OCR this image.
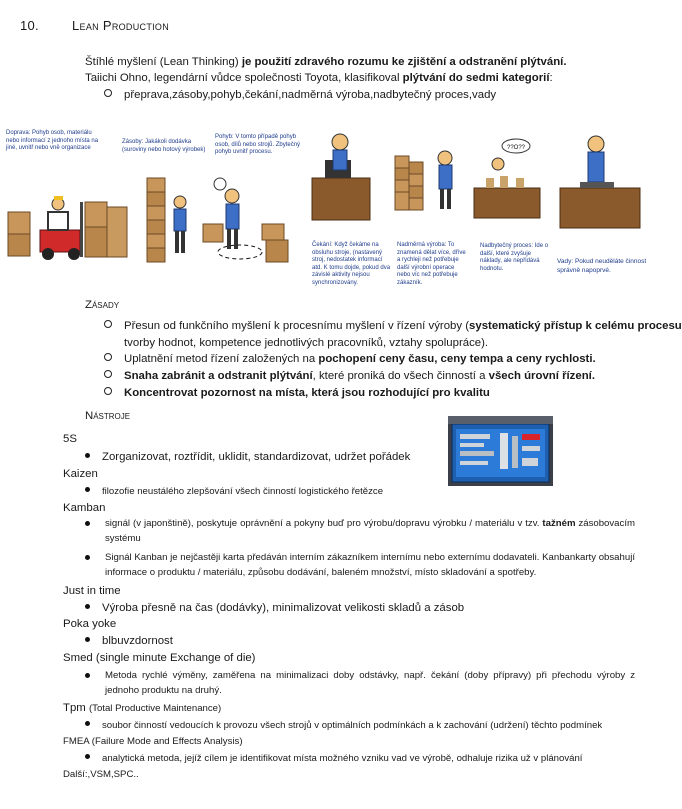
10.	Lean Production
Štíhlé myšlení (Lean Thinking) je použití zdravého rozumu ke zjištění a odstranění plýtvání.
Taiichi Ohno, legendární vůdce společnosti Toyota, klasifikoval plýtvání do sedmi kategorií:
přeprava,zásoby,pohyb,čekání,nadměrná výroba,nadbytečný proces,vady
??O??
Doprava: Pohyb osob, materiálu nebo informací z jednoho místa na jiné, uvnitř nebo vně organizace
Zásoby: Jakákoli dodávka (suroviny nebo hotový výrobek)
Pohyb: V tomto případě pohyb osob, dílů nebo strojů. Zbytečný pohyb uvnitř procesu.
Čekání: Když čekáme na obsluhu stroje, (nastavený stroj, nedostatek informací atd. K tomu dojde, pokud dva závislé aktivity nejsou synchronizovány.
Nadměrná výroba: To znamená dělat více, dříve a rychleji než potřebuje další výrobní operace nebo víc než potřebuje zákazník.
Nadbytečný proces: Ide o další, které zvyšuje náklady, ale nepřidává hodnotu.
Vady: Pokud neuděláte činnost správně napoprvé.
Zásady
Přesun od funkčního myšlení k procesnímu myšlení v řízení výroby (systematický přístup k celému procesu
tvorby hodnot, kompetence jednotlivých pracovníků, vztahy spolupráce).
Uplatnění metod řízení založených na pochopení ceny času, ceny tempa a ceny rychlosti.
Snaha zabránit a odstranit plýtvání, které proniká do všech činností a všech úrovní řízení.
Koncentrovat pozornost na místa, která jsou rozhodující pro kvalitu
Nástroje
5S
Zorganizovat, roztřídit, uklidit, standardizovat, udržet pořádek
Kaizen
filozofie neustálého zlepšování všech činností logistického řetězce
Kamban
signál (v japonštině), poskytuje oprávnění a pokyny buď pro výrobu/dopravu výrobku / materiálu v tzv. tažném zásobovacím systému
Signál Kanban je nejčastěji karta předáván interním zákazníkem internímu nebo externímu dodavateli. Kanbankarty obsahují informace o produktu / materiálu, způsobu dodávání, baleném množství, místo skladování a spotřeby.
Just in time
Výroba přesně na čas (dodávky), minimalizovat velikosti skladů a zásob
Poka yoke
blbuvzdornost
Smed (single minute Exchange of die)
Metoda rychlé výměny, zaměřena na minimalizaci doby odstávky, např. čekání (doby přípravy) při přechodu výroby z jednoho produktu na druhý.
Tpm (Total Productive Maintenance)
soubor činností vedoucích k provozu všech strojů v optimálních podmínkách a k zachování (udržení) těchto podmínek
FMEA (Failure Mode and Effects Analysis)
analytická metoda, jejíž cílem je identifikovat místa možného vzniku vad ve výrobě, odhaluje rizika už v plánování
Další:,VSM,SPC..
